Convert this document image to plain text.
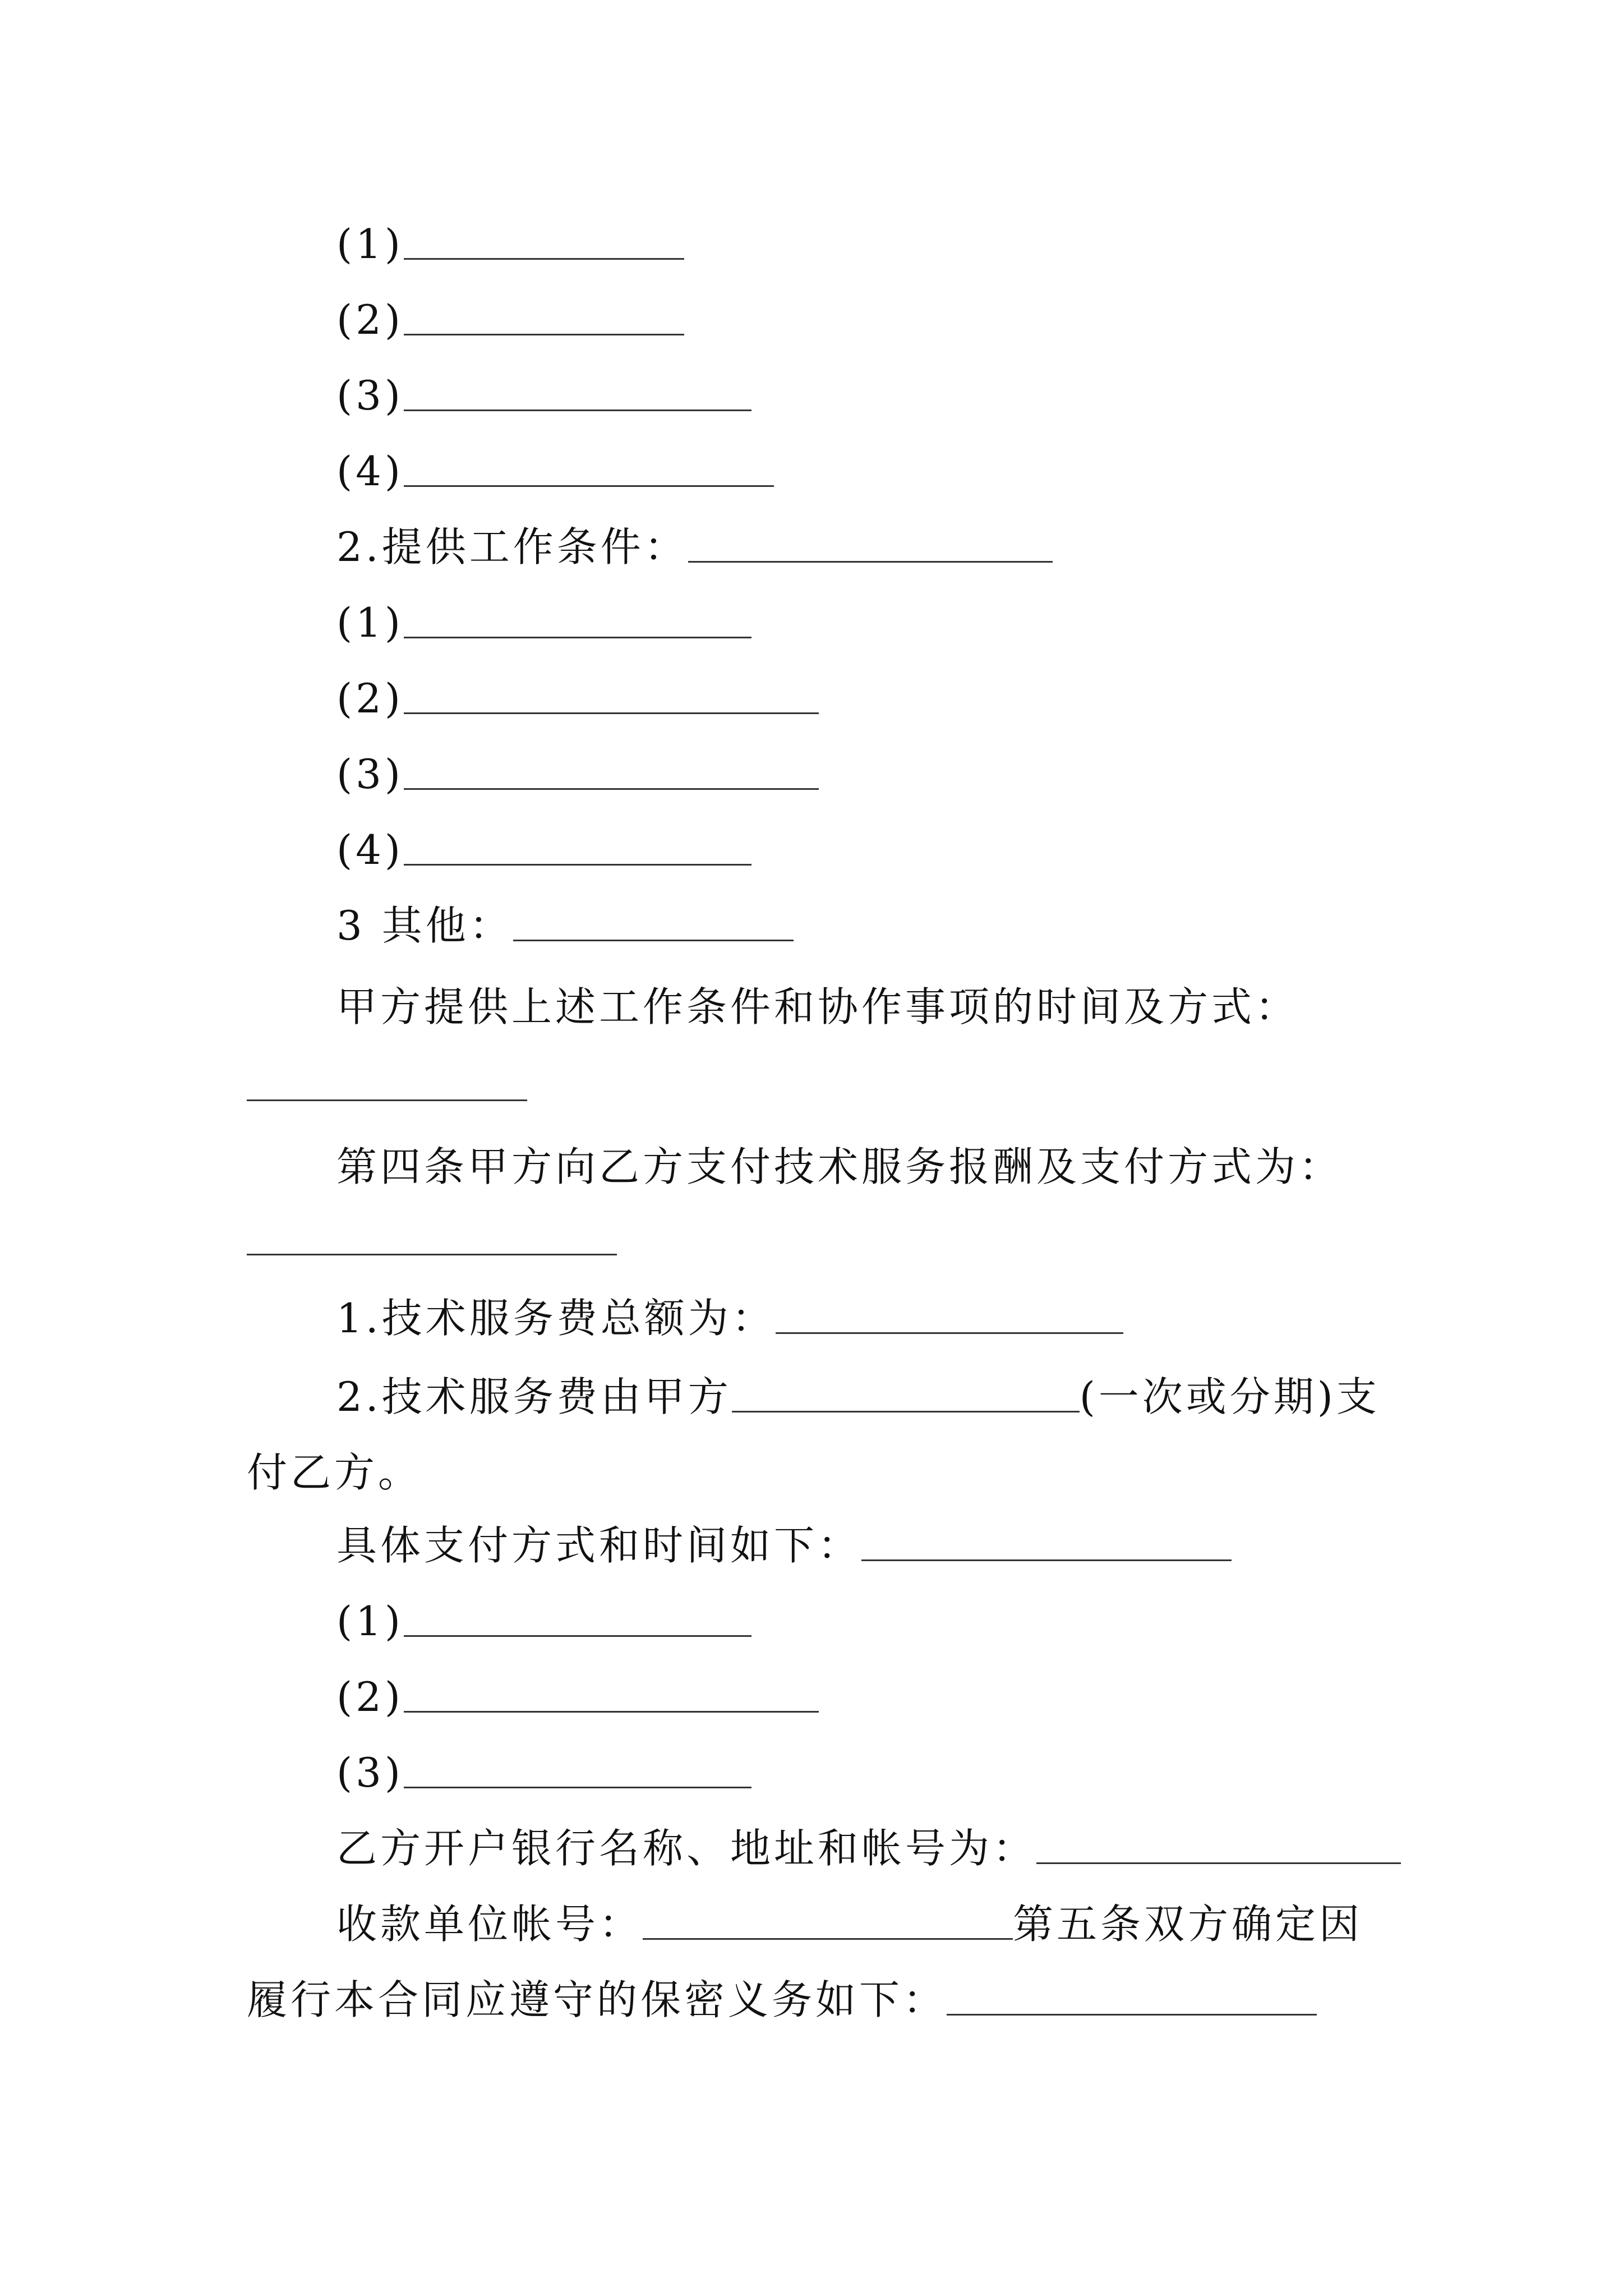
(1)
(2)
(3)
(4)
2.提供工作条件：
(1)
(2)
(3)
(4)
3 其他：
甲方提供上述工作条件和协作事项的时间及方式：
第四条甲方向乙方支付技术服务报酬及支付方式为：
1.技术服务费总额为：
2.技术服务费由甲方	(一次或分期)支
付乙方。
具体支付方式和时间如下：
(1)
(2)
(3)
乙方开户银行名称、地址和帐号为：
收款单位帐号：	第五条双方确定因
履行本合同应遵守的保密义务如下：
